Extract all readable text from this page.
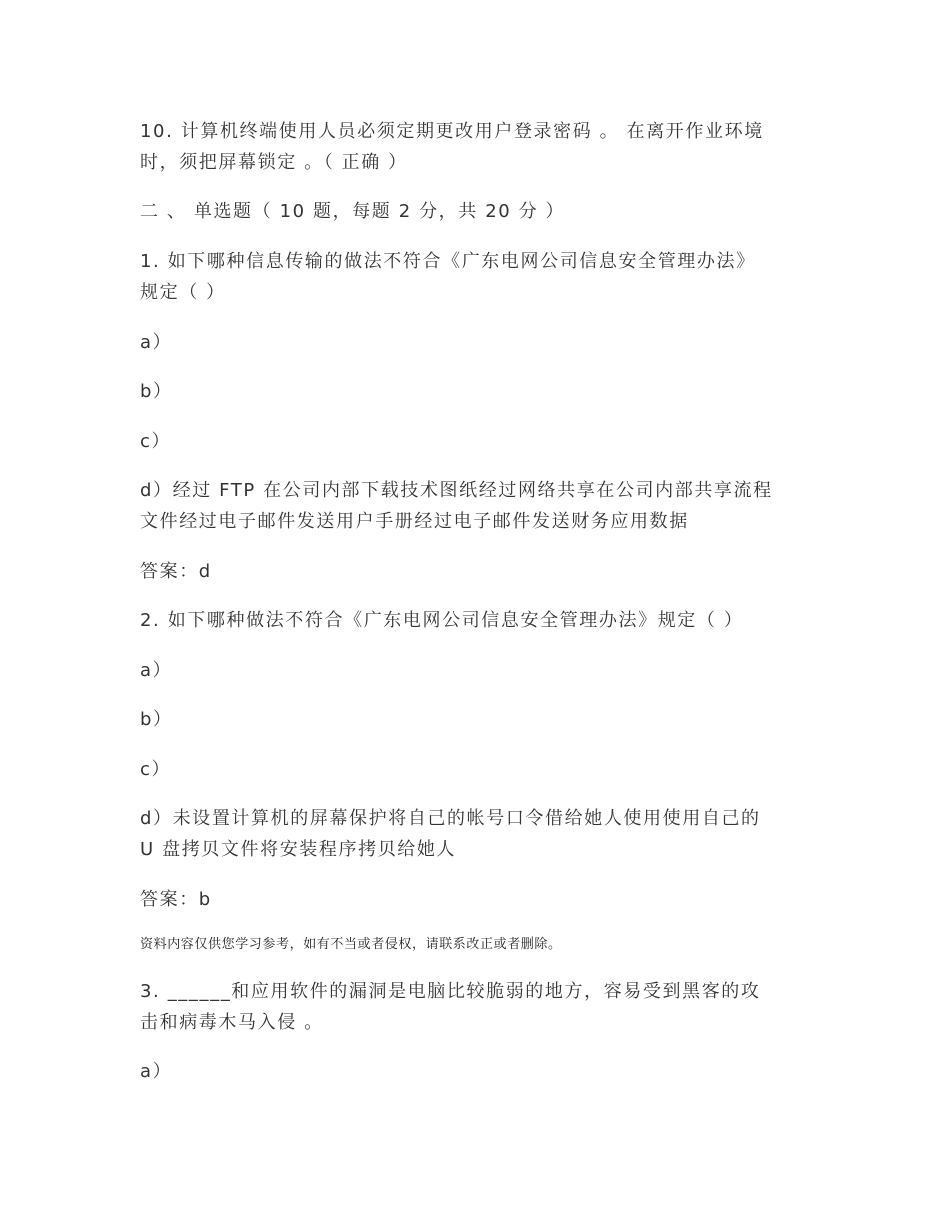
10. 计算机终端使用人员必须定期更改用户登录密码 。 在离开作业环境
时，须把屏幕锁定 。（ 正确 ）
二 、 单选题（ 10 题，每题 2 分，共 20 分 ）
1. 如下哪种信息传输的做法不符合《广东电网公司信息安全管理办法》
规定（ ）
a）
b）
c）
d）经过 FTP 在公司内部下载技术图纸经过网络共享在公司内部共享流程
文件经过电子邮件发送用户手册经过电子邮件发送财务应用数据
答案：d
2. 如下哪种做法不符合《广东电网公司信息安全管理办法》规定（ ）
a）
b）
c）
d）未设置计算机的屏幕保护将自己的帐号口令借给她人使用使用自己的
U 盘拷贝文件将安装程序拷贝给她人
答案：b
资料内容仅供您学习参考，如有不当或者侵权，请联系改正或者删除。
3. ______和应用软件的漏洞是电脑比较脆弱的地方，容易受到黑客的攻
击和病毒木马入侵 。
a）
